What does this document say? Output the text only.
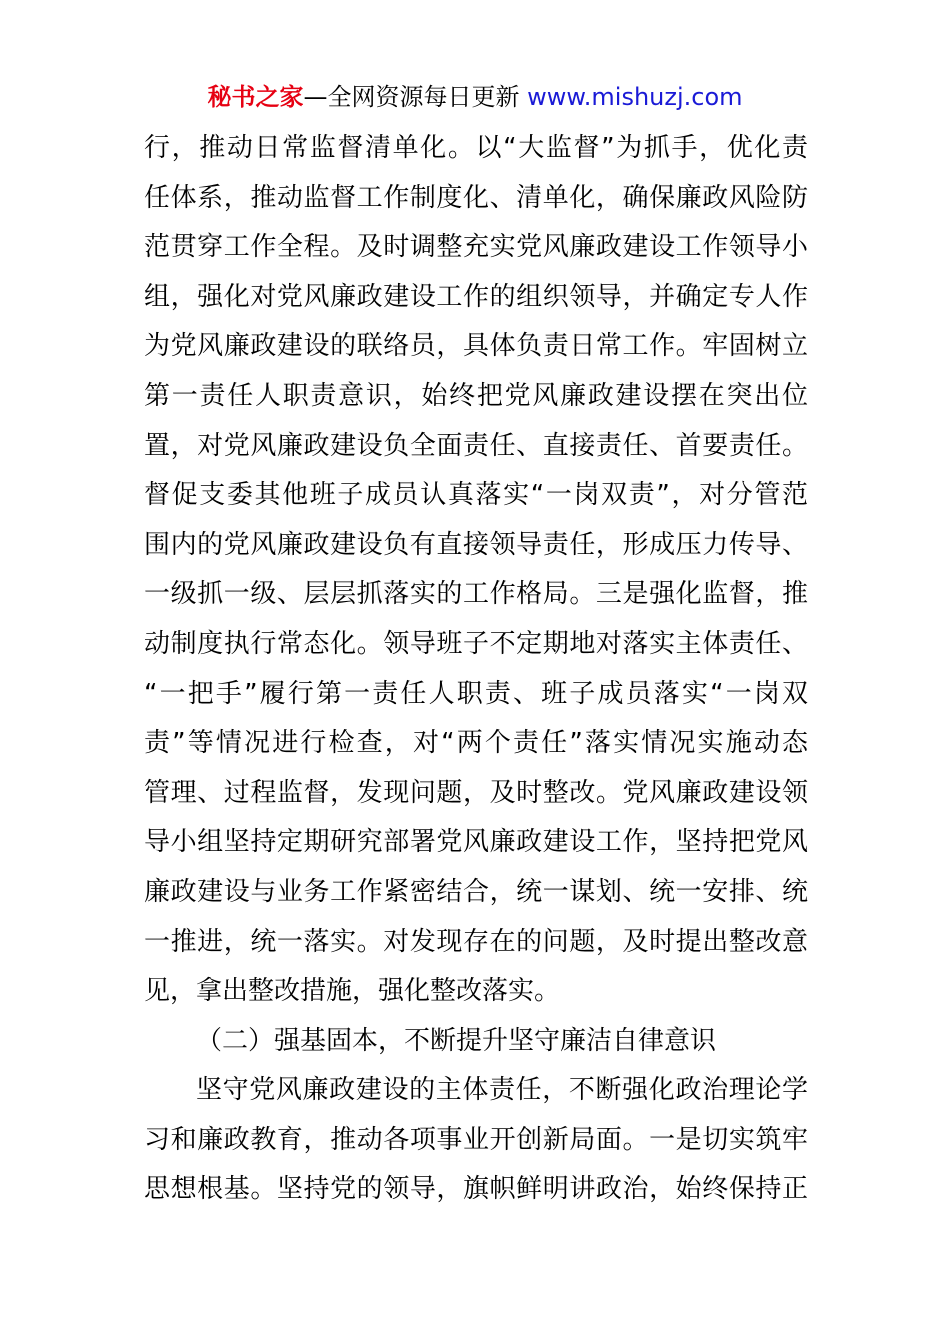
秘书之家—全网资源每日更新 www.mishuzj.com
行，推动日常监督清单化。以“大监督”为抓手，优化责
任体系，推动监督工作制度化、清单化，确保廉政风险防
范贯穿工作全程。及时调整充实党风廉政建设工作领导小
组，强化对党风廉政建设工作的组织领导，并确定专人作
为党风廉政建设的联络员，具体负责日常工作。牢固树立
第一责任人职责意识，始终把党风廉政建设摆在突出位
置，对党风廉政建设负全面责任、直接责任、首要责任。
督促支委其他班子成员认真落实“一岗双责”，对分管范
围内的党风廉政建设负有直接领导责任，形成压力传导、
一级抓一级、层层抓落实的工作格局。三是强化监督，推
动制度执行常态化。领导班子不定期地对落实主体责任、
“一把手”履行第一责任人职责、班子成员落实“一岗双
责”等情况进行检查，对“两个责任”落实情况实施动态
管理、过程监督，发现问题，及时整改。党风廉政建设领
导小组坚持定期研究部署党风廉政建设工作，坚持把党风
廉政建设与业务工作紧密结合，统一谋划、统一安排、统
一推进，统一落实。对发现存在的问题，及时提出整改意
见，拿出整改措施，强化整改落实。
（二）强基固本，不断提升坚守廉洁自律意识
坚守党风廉政建设的主体责任，不断强化政治理论学
习和廉政教育，推动各项事业开创新局面。一是切实筑牢
思想根基。坚持党的领导，旗帜鲜明讲政治，始终保持正
